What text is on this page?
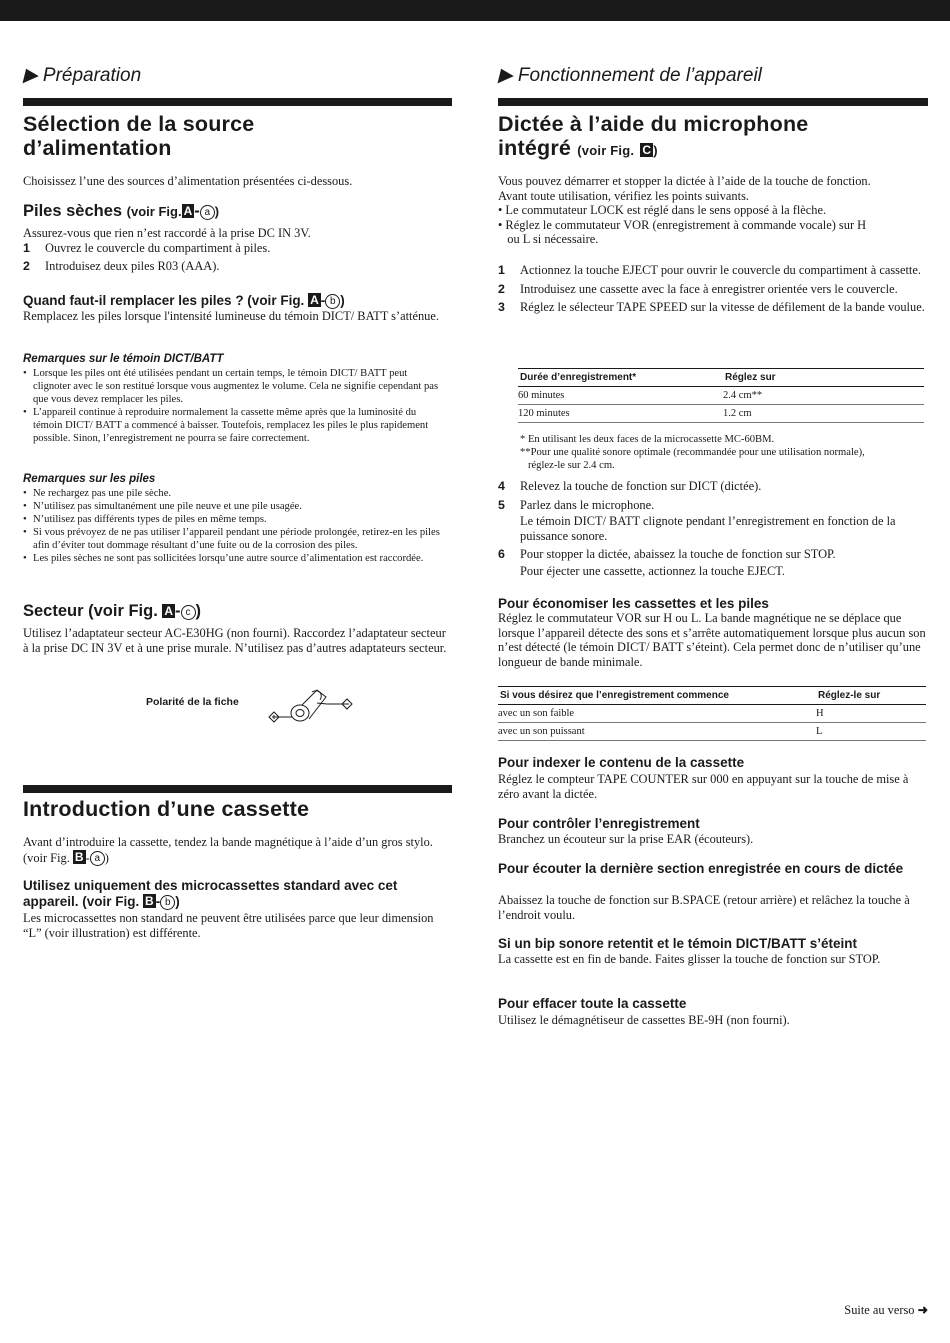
▶ Préparation
Sélection de la source
d’alimentation
Choisissez l’une des sources d’alimentation présentées ci-dessous.
Piles sèches (voir Fig. A - a )
Assurez-vous que rien n’est raccordé à la prise DC IN 3V.
1 Ouvrez le couvercle du compartiment à piles.
2 Introduisez deux piles R03 (AAA).
Quand faut-il remplacer les piles ? (voir Fig. A - b )
Remplacez les piles lorsque l'intensité lumineuse du témoin DICT/ BATT s’atténue.
Remarques sur le témoin DICT/BATT
• Lorsque les piles ont été utilisées pendant un certain temps, le témoin DICT/ BATT peut clignoter avec le son restitué lorsque vous augmentez le volume. Cela ne signifie cependant pas que vous devez remplacer les piles.
• L’appareil continue à reproduire normalement la cassette même après que la luminosité du témoin DICT/ BATT a commencé à baisser. Toutefois, remplacez les piles le plus rapidement possible. Sinon, l’enregistrement ne pourra se faire correctement.
Remarques sur les piles
• Ne rechargez pas une pile sèche.
• N’utilisez pas simultanément une pile neuve et une pile usagée.
• N’utilisez pas différents types de piles en même temps.
• Si vous prévoyez de ne pas utiliser l’appareil pendant une période prolongée, retirez-en les piles afin d’éviter tout dommage résultant d’une fuite ou de la corrosion des piles.
• Les piles sèches ne sont pas sollicitées lorsqu’une autre source d’alimentation est raccordée.
Secteur (voir Fig. A - c )
Utilisez l’adaptateur secteur AC-E30HG (non fourni). Raccordez l’adaptateur secteur à la prise DC IN 3V et à une prise murale. N’utilisez pas d’autres adaptateurs secteur.
Polarité de la fiche
Introduction d’une cassette
Avant d’introduire la cassette, tendez la bande magnétique à l’aide d’un gros stylo. (voir Fig. B - a )
Utilisez uniquement des microcassettes standard avec cet appareil. (voir Fig. B - b )
Les microcassettes non standard ne peuvent être utilisées parce que leur dimension “L” (voir illustration) est différente.
▶ Fonctionnement de l’appareil
Dictée à l’aide du microphone
intégré (voir Fig. C )
Vous pouvez démarrer et stopper la dictée à l’aide de la touche de fonction.
Avant toute utilisation, vérifiez les points suivants.
• Le commutateur LOCK est réglé dans le sens opposé à la flèche.
• Réglez le commutateur VOR (enregistrement à commande vocale) sur H
ou L si nécessaire.
1 Actionnez la touche EJECT pour ouvrir le couvercle du compartiment à cassette.
2 Introduisez une cassette avec la face à enregistrer orientée vers le couvercle.
3 Réglez le sélecteur TAPE SPEED sur la vitesse de défilement de la bande voulue.
Durée d’enregistrement*	Réglez sur
60 minutes	2.4 cm**
120 minutes	1.2 cm
* En utilisant les deux faces de la microcassette MC-60BM.
**Pour une qualité sonore optimale (recommandée pour une utilisation normale),
réglez-le sur 2.4 cm.
4 Relevez la touche de fonction sur DICT (dictée).
5 Parlez dans le microphone.
Le témoin DICT/ BATT clignote pendant l’enregistrement en fonction de la puissance sonore.
6 Pour stopper la dictée, abaissez la touche de fonction sur STOP.
Pour éjecter une cassette, actionnez la touche EJECT.
Pour économiser les cassettes et les piles
Réglez le commutateur VOR sur H ou L. La bande magnétique ne se déplace que lorsque l’appareil détecte des sons et s’arrête automatiquement lorsque plus aucun son n’est détecté (le témoin DICT/ BATT s’éteint). Cela permet donc de n’utiliser qu’une longueur de bande minimale.
Si vous désirez que l’enregistrement commence	Réglez-le sur
avec un son faible	H
avec un son puissant	L
Pour indexer le contenu de la cassette
Réglez le compteur TAPE COUNTER sur 000 en appuyant sur la touche de mise à zéro avant la dictée.
Pour contrôler l’enregistrement
Branchez un écouteur sur la prise EAR (écouteurs).
Pour écouter la dernière section enregistrée en cours de dictée
Abaissez la touche de fonction sur B.SPACE (retour arrière) et relâchez la touche à l’endroit voulu.
Si un bip sonore retentit et le témoin DICT/BATT s’éteint
La cassette est en fin de bande. Faites glisser la touche de fonction sur STOP.
Pour effacer toute la cassette
Utilisez le démagnétiseur de cassettes BE-9H (non fourni).
Suite au verso ➜
